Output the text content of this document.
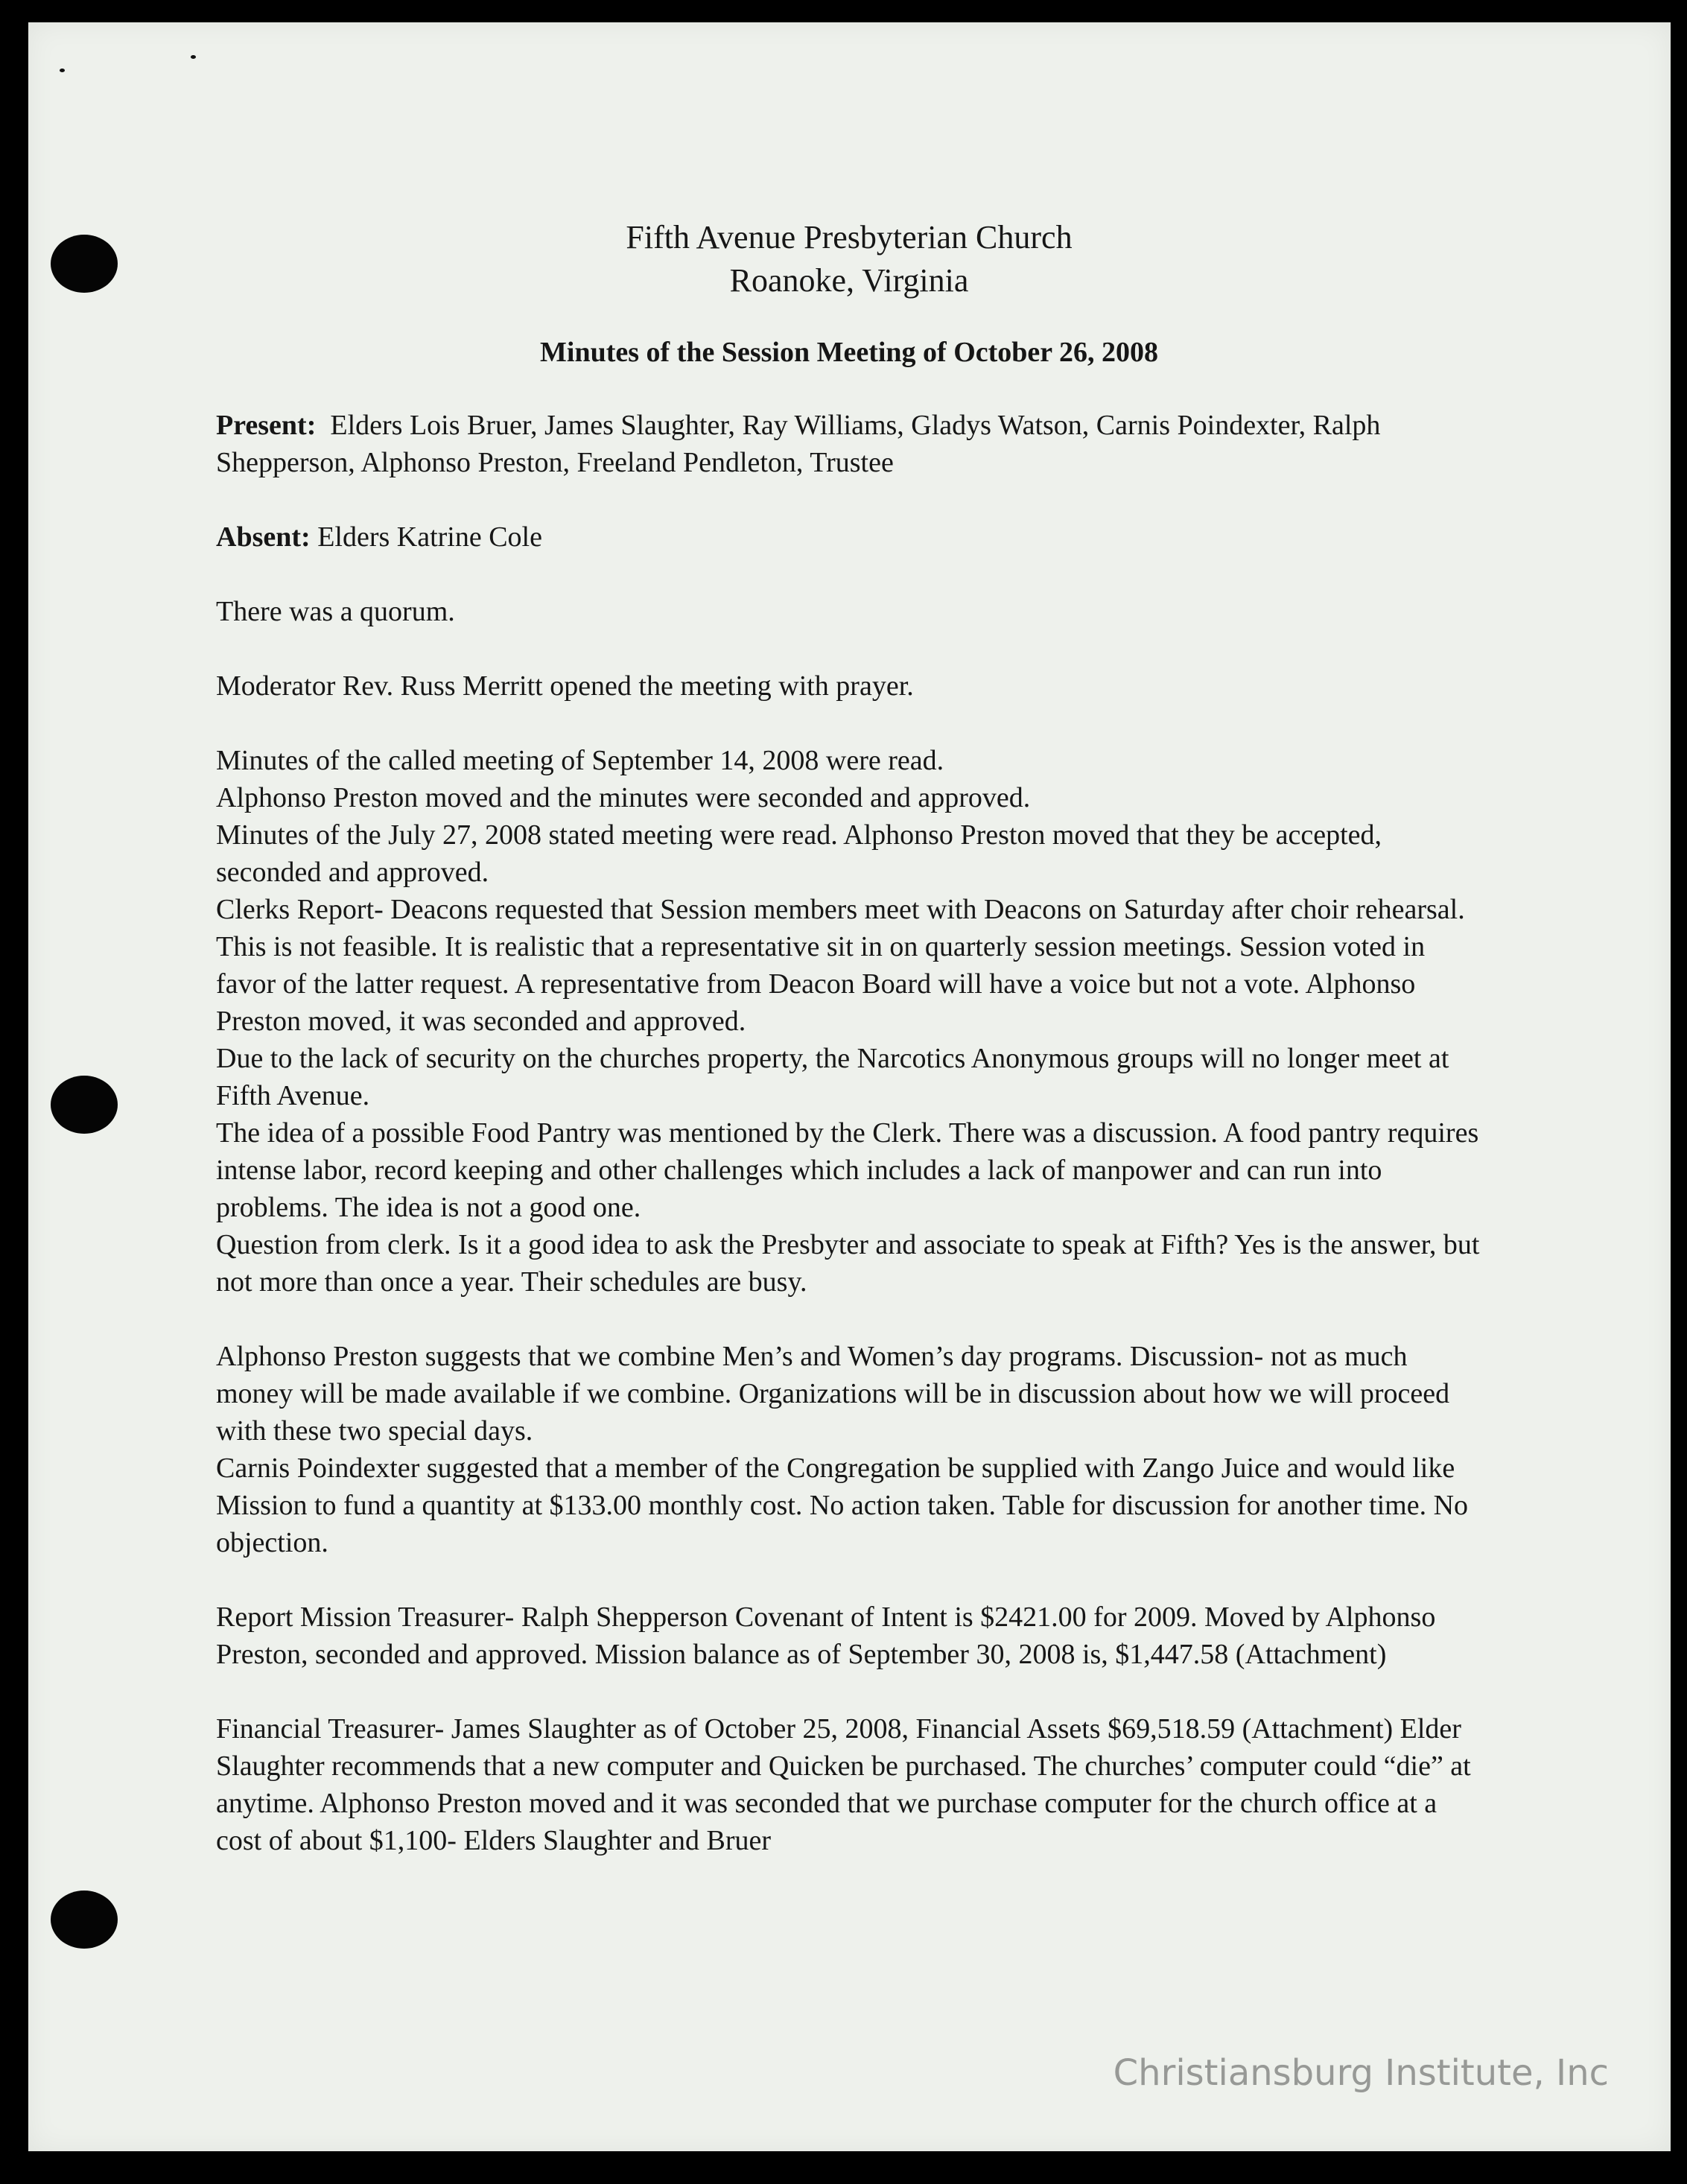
Fifth Avenue Presbyterian Church

Roanoke, Virginia

Minutes of the Session Meeting of October 26, 2008

Present: Elders Lois Bruer, James Slaughter, Ray Williams, Gladys Watson, Carnis Poindexter, Ralph Shepperson, Alphonso Preston, Freeland Pendleton, Trustee

Absent: Elders Katrine Cole

There was a quorum.

Moderator Rev. Russ Merritt opened the meeting with prayer.

Minutes of the called meeting of September 14, 2008 were read.

Alphonso Preston moved and the minutes were seconded and approved.

Minutes of the July 27, 2008 stated meeting were read. Alphonso Preston moved that they be accepted, seconded and approved.

Clerks Report- Deacons requested that Session members meet with Deacons on Saturday after choir rehearsal. This is not feasible. It is realistic that a representative sit in on quarterly session meetings. Session voted in favor of the latter request. A representative from Deacon Board will have a voice but not a vote. Alphonso Preston moved, it was seconded and approved.

Due to the lack of security on the churches property, the Narcotics Anonymous groups will no longer meet at Fifth Avenue.

The idea of a possible Food Pantry was mentioned by the Clerk. There was a discussion. A food pantry requires intense labor, record keeping and other challenges which includes a lack of manpower and can run into problems. The idea is not a good one.

Question from clerk. Is it a good idea to ask the Presbyter and associate to speak at Fifth? Yes is the answer, but not more than once a year. Their schedules are busy.

Alphonso Preston suggests that we combine Men’s and Women’s day programs. Discussion- not as much money will be made available if we combine. Organizations will be in discussion about how we will proceed with these two special days.

Carnis Poindexter suggested that a member of the Congregation be supplied with Zango Juice and would like Mission to fund a quantity at $133.00 monthly cost. No action taken. Table for discussion for another time. No objection.

Report Mission Treasurer- Ralph Shepperson Covenant of Intent is $2421.00 for 2009. Moved by Alphonso Preston, seconded and approved. Mission balance as of September 30, 2008 is, $1,447.58 (Attachment)

Financial Treasurer- James Slaughter as of October 25, 2008, Financial Assets $69,518.59 (Attachment) Elder Slaughter recommends that a new computer and Quicken be purchased. The churches’ computer could “die” at anytime. Alphonso Preston moved and it was seconded that we purchase computer for the church office at a cost of about $1,100- Elders Slaughter and Bruer

Christiansburg Institute, Inc
